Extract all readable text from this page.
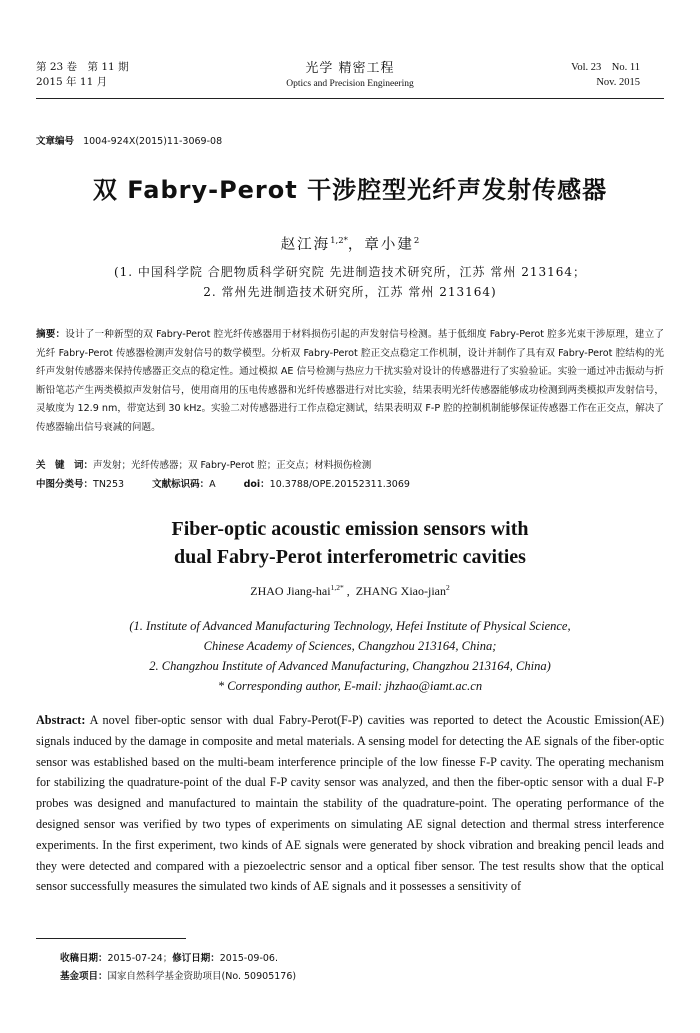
第 23 卷　第 11 期
2015 年 11 月
光学 精密工程
Optics and Precision Engineering
Vol. 23　No. 11
Nov. 2015
文章编号 1004-924X(2015)11-3069-08
双 Fabry-Perot 干涉腔型光纤声发射传感器
赵江海$^{1,2*}$，章小建$^2$
(1. 中国科学院 合肥物质科学研究院 先进制造技术研究所，江苏 常州 213164；
2. 常州先进制造技术研究所，江苏 常州 213164)
摘要：设计了一种新型的双 Fabry-Perot 腔光纤传感器用于材料损伤引起的声发射信号检测。基于低细度 Fabry-Perot 腔多光束干涉原理，建立了光纤 Fabry-Perot 传感器检测声发射信号的数学模型。分析双 Fabry-Perot 腔正交点稳定工作机制，设计并制作了具有双 Fabry-Perot 腔结构的光纤声发射传感器来保持传感器正交点的稳定性。通过模拟 AE 信号检测与热应力干扰实验对设计的传感器进行了实验验证。实验一通过冲击振动与折断铅笔芯产生两类模拟声发射信号，使用商用的压电传感器和光纤传感器进行对比实验，结果表明光纤传感器能够成功检测到两类模拟声发射信号，灵敏度为 12.9 nm，带宽达到 30 kHz。实验二对传感器进行工作点稳定测试，结果表明双 F-P 腔的控制机制能够保证传感器工作在正交点，解决了传感器输出信号衰减的问题。
关　键　词：声发射；光纤传感器；双 Fabry-Perot 腔；正交点；材料损伤检测
中图分类号：TN253	文献标识码：A	doi：10.3788/OPE.20152311.3069
Fiber-optic acoustic emission sensors with
dual Fabry-Perot interferometric cavities
ZHAO Jiang-hai$^{1,2*}$ ,  ZHANG Xiao-jian$^2$
(1. Institute of Advanced Manufacturing Technology, Hefei Institute of Physical Science,
Chinese Academy of Sciences, Changzhou 213164, China;
2. Changzhou Institute of Advanced Manufacturing, Changzhou 213164, China)
* Corresponding author, E-mail: jhzhao@iamt.ac.cn
Abstract: A novel fiber-optic sensor with dual Fabry-Perot(F-P) cavities was reported to detect the Acoustic Emission(AE) signals induced by the damage in composite and metal materials. A sensing model for detecting the AE signals of the fiber-optic sensor was established based on the multi-beam interference principle of the low finesse F-P cavity. The operating mechanism for stabilizing the quadrature-point of the dual F-P cavity sensor was analyzed, and then the fiber-optic sensor with a dual F-P probes was designed and manufactured to maintain the stability of the quadrature-point. The operating performance of the designed sensor was verified by two types of experiments on simulating AE signal detection and thermal stress interference experiments. In the first experiment, two kinds of AE signals were generated by shock vibration and breaking pencil leads and they were detected and compared with a piezoelectric sensor and a optical fiber sensor. The test results show that the optical sensor successfully measures the simulated two kinds of AE signals and it possesses a sensitivity of
收稿日期：2015-07-24；修订日期：2015-09-06.
基金项目：国家自然科学基金资助项目(No. 50905176)
